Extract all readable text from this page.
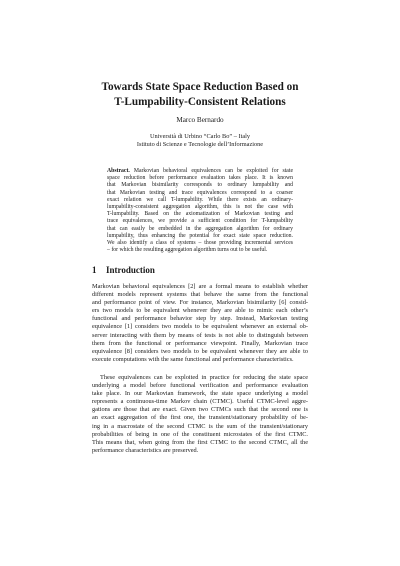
Towards State Space Reduction Based on
T-Lumpability-Consistent Relations
Marco Bernardo
Università di Urbino “Carlo Bo” – Italy
Istituto di Scienze e Tecnologie dell’Informazione
Abstract. Markovian behavioral equivalences can be exploited for state
space reduction before performance evaluation takes place. It is known
that Markovian bisimilarity corresponds to ordinary lumpability and
that Markovian testing and trace equivalences correspond to a coarser
exact relation we call T-lumpability. While there exists an ordinary-
lumpability-consistent aggregation algorithm, this is not the case with
T-lumpability. Based on the axiomatization of Markovian testing and
trace equivalences, we provide a sufficient condition for T-lumpability
that can easily be embedded in the aggregation algorithm for ordinary
lumpability, thus enhancing the potential for exact state space reduction.
We also identify a class of systems – those providing incremental services
– for which the resulting aggregation algorithm turns out to be useful.
1 Introduction
Markovian behavioral equivalences [2] are a formal means to establish whether
different models represent systems that behave the same from the functional
and performance point of view. For instance, Markovian bisimilarity [6] consid-
ers two models to be equivalent whenever they are able to mimic each other’s
functional and performance behavior step by step. Instead, Markovian testing
equivalence [1] considers two models to be equivalent whenever an external ob-
server interacting with them by means of tests is not able to distinguish between
them from the functional or performance viewpoint. Finally, Markovian trace
equivalence [8] considers two models to be equivalent whenever they are able to
execute computations with the same functional and performance characteristics.
These equivalences can be exploited in practice for reducing the state space
underlying a model before functional verification and performance evaluation
take place. In our Markovian framework, the state space underlying a model
represents a continuous-time Markov chain (CTMC). Useful CTMC-level aggre-
gations are those that are exact. Given two CTMCs such that the second one is
an exact aggregation of the first one, the transient/stationary probability of be-
ing in a macrostate of the second CTMC is the sum of the transient/stationary
probabilities of being in one of the constituent microstates of the first CTMC.
This means that, when going from the first CTMC to the second CTMC, all the
performance characteristics are preserved.
